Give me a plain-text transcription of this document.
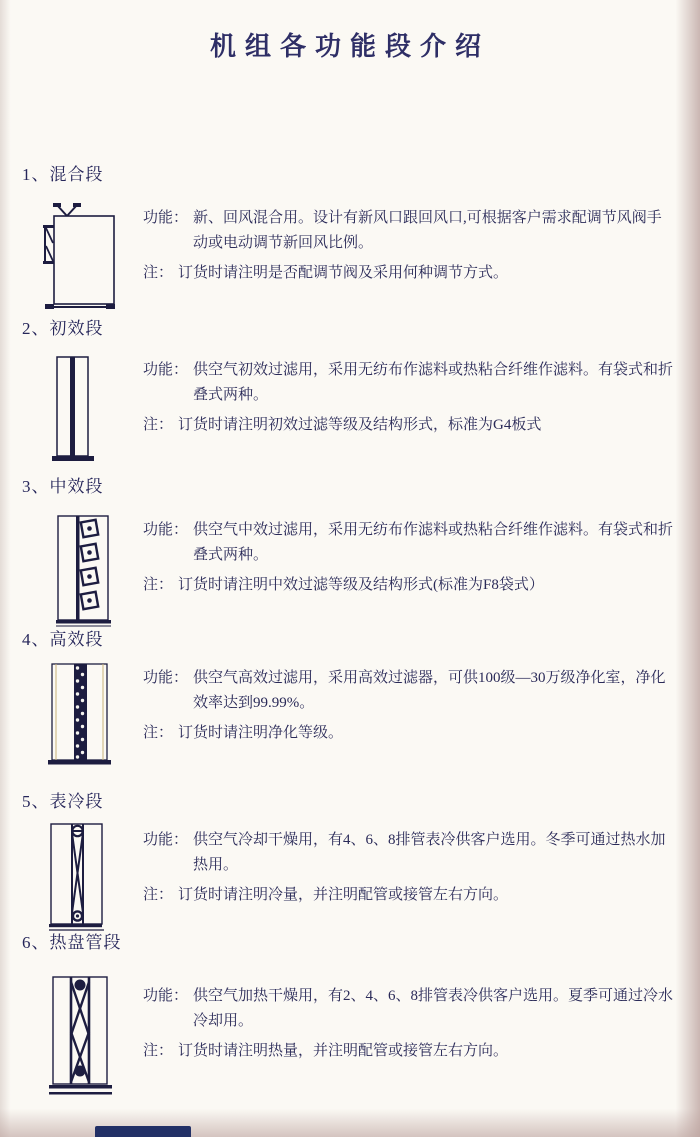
机组各功能段介绍
1、混合段
功能： 新、回风混合用。设计有新风口跟回风口,可根据客户需求配调节风阀手动或电动调节新回风比例。
注： 订货时请注明是否配调节阀及采用何种调节方式。
2、初效段
功能： 供空气初效过滤用，采用无纺布作滤料或热粘合纤维作滤料。有袋式和折叠式两种。
注： 订货时请注明初效过滤等级及结构形式，标准为G4板式
3、中效段
功能： 供空气中效过滤用，采用无纺布作滤料或热粘合纤维作滤料。有袋式和折叠式两种。
注： 订货时请注明中效过滤等级及结构形式(标准为F8袋式）
4、高效段
功能： 供空气高效过滤用，采用高效过滤器，可供100级—30万级净化室，净化效率达到99.99%。
注： 订货时请注明净化等级。
5、表冷段
功能： 供空气冷却干燥用，有4、6、8排管表冷供客户选用。冬季可通过热水加热用。
注： 订货时请注明冷量，并注明配管或接管左右方向。
6、热盘管段
功能： 供空气加热干燥用，有2、4、6、8排管表冷供客户选用。夏季可通过冷水冷却用。
注： 订货时请注明热量，并注明配管或接管左右方向。
